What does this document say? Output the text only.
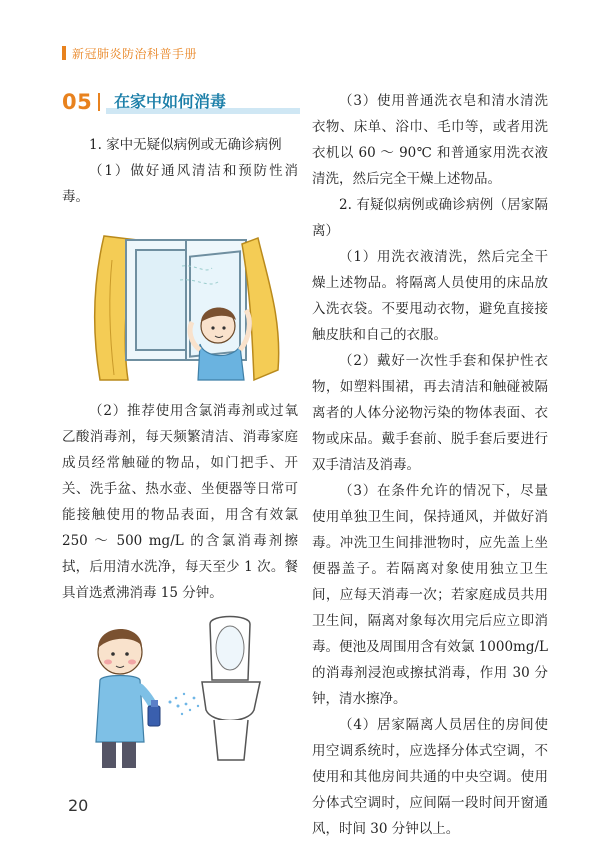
新冠肺炎防治科普手册
05	在家中如何消毒

1. 家中无疑似病例或无确诊病例

（1）做好通风清洁和预防性消毒。

（2）推荐使用含氯消毒剂或过氧乙酸消毒剂，每天频繁清洁、消毒家庭成员经常触碰的物品，如门把手、开关、洗手盆、热水壶、坐便器等日常可能接触使用的物品表面，用含有效氯 250 ～ 500 mg/L 的含氯消毒剂擦拭，后用清水洗净，每天至少 1 次。餐具首选煮沸消毒 15 分钟。

（3）使用普通洗衣皂和清水清洗衣物、床单、浴巾、毛巾等，或者用洗衣机以 60 ～ 90℃ 和普通家用洗衣液清洗，然后完全干燥上述物品。

2. 有疑似病例或确诊病例（居家隔离）

（1）用洗衣液清洗，然后完全干燥上述物品。将隔离人员使用的床品放入洗衣袋。不要甩动衣物，避免直接接触皮肤和自己的衣服。

（2）戴好一次性手套和保护性衣物，如塑料围裙，再去清洁和触碰被隔离者的人体分泌物污染的物体表面、衣物或床品。戴手套前、脱手套后要进行双手清洁及消毒。

（3）在条件允许的情况下，尽量使用单独卫生间，保持通风，并做好消毒。冲洗卫生间排泄物时，应先盖上坐便器盖子。若隔离对象使用独立卫生间，应每天消毒一次；若家庭成员共用卫生间，隔离对象每次用完后应立即消毒。便池及周围用含有效氯 1000mg/L 的消毒剂浸泡或擦拭消毒，作用 30 分钟，清水擦净。

（4）居家隔离人员居住的房间使用空调系统时，应选择分体式空调，不使用和其他房间共通的中央空调。使用分体式空调时，应间隔一段时间开窗通风，时间 30 分钟以上。

20
